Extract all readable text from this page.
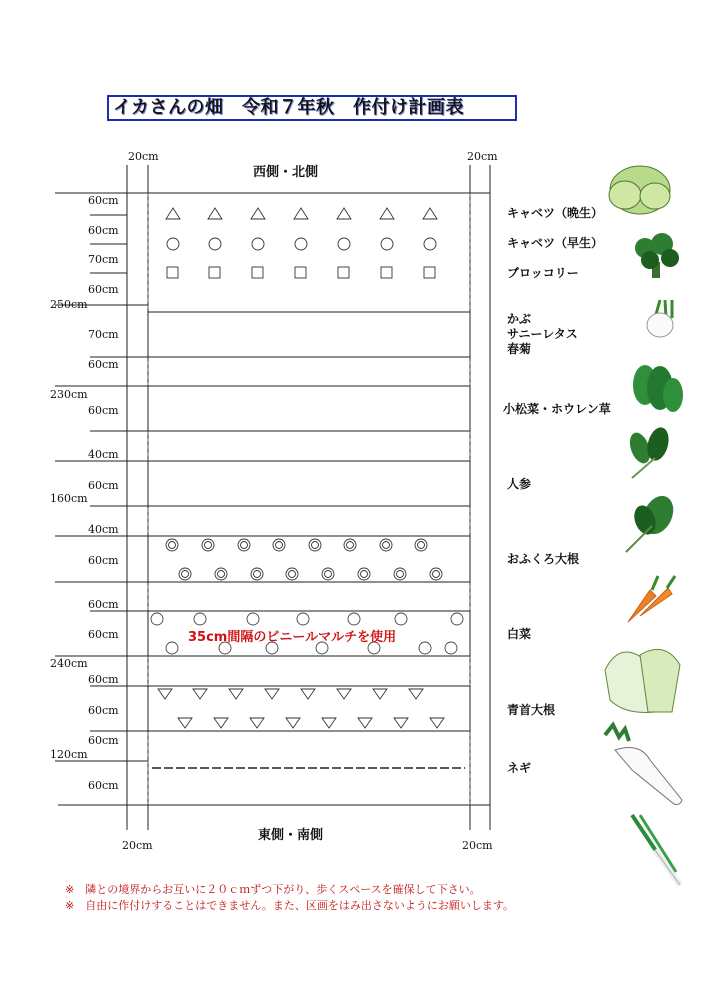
イカさんの畑　令和７年秋　作付け計画表
西側・北側
東側・南側
20cm	20cm
20cm	20cm
60cm
60cm
70cm
60cm
70cm
60cm
60cm
40cm
60cm
40cm
60cm
60cm
60cm
60cm
60cm
60cm
60cm
250cm
230cm
160cm
240cm
120cm
キャベツ（晩生）
キャベツ（早生）
ブロッコリー
かぶ
サニーレタス
春菊
小松菜・ホウレン草
人参
おふくろ大根
白菜
青首大根
ネギ
35cm間隔のビニールマルチを使用
※　隣との境界からお互いに２０ｃｍずつ下がり、歩くスペースを確保して下さい。
※　自由に作付けすることはできません。また、区画をはみ出さないようにお願いします。
